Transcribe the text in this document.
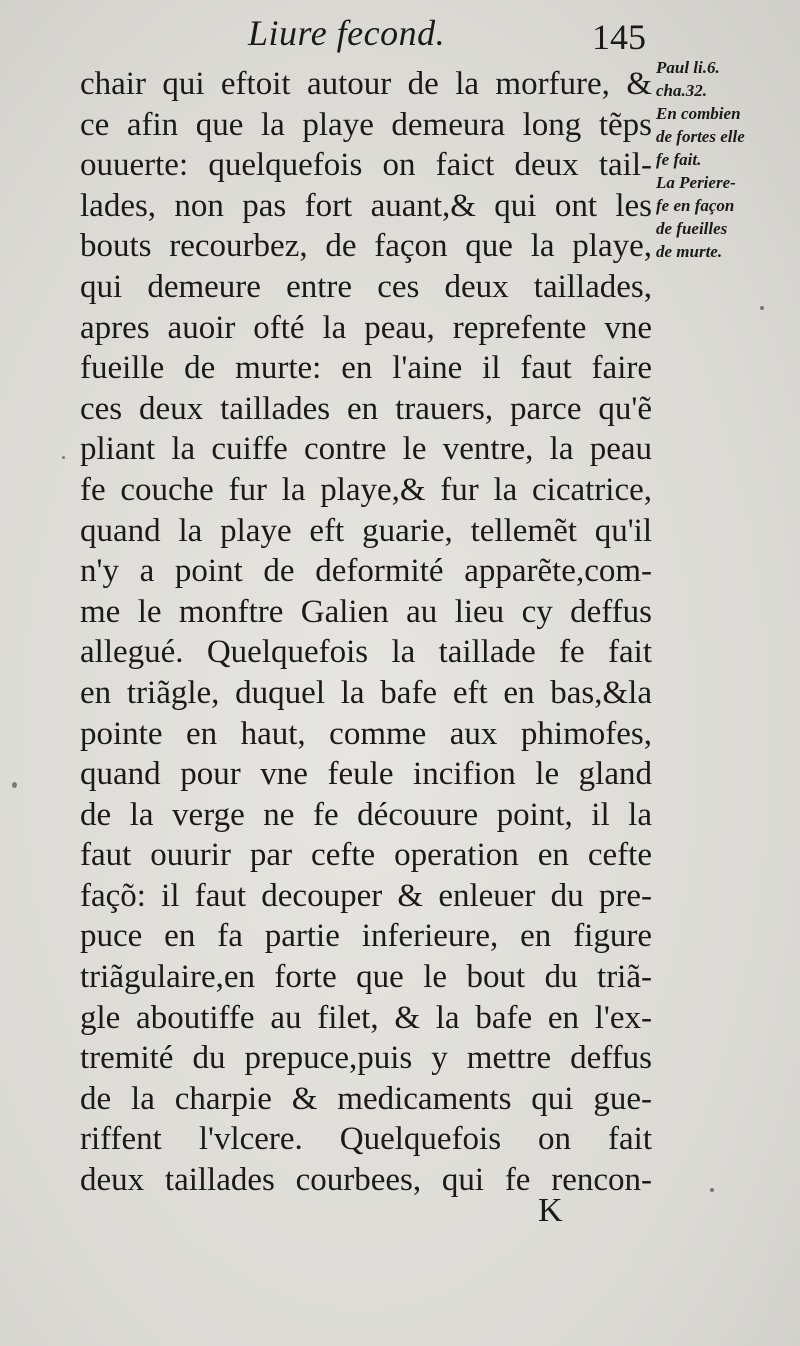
Liure fecond.	145
chair qui eftoit autour de la morfure, &
ce afin que la playe demeura long tẽps
ouuerte: quelquefois on faict deux tail-
lades, non pas fort auant,& qui ont les
bouts recourbez, de façon que la playe,
qui demeure entre ces deux taillades,
apres auoir ofté la peau, reprefente vne
fueille de murte: en l'aine il faut faire
ces deux taillades en trauers, parce qu'ẽ
pliant la cuiffe contre le ventre, la peau
fe couche fur la playe,& fur la cicatrice,
quand la playe eft guarie, tellemẽt qu'il
n'y a point de deformité apparẽte,com-
me le monftre Galien au lieu cy deffus
allegué. Quelquefois la taillade fe fait
en triãgle, duquel la bafe eft en bas,&la
pointe en haut, comme aux phimofes,
quand pour vne feule incifion le gland
de la verge ne fe découure point, il la
faut ouurir par cefte operation en cefte
façõ: il faut decouper & enleuer du pre-
puce en fa partie inferieure, en figure
triãgulaire,en forte que le bout du triã-
gle aboutiffe au filet, & la bafe en l'ex-
tremité du prepuce,puis y mettre deffus
de la charpie & medicaments qui gue-
riffent l'vlcere. Quelquefois on fait
deux taillades courbees, qui fe rencon-
Paul li.6.
cha.32.
En combien
de fortes elle
fe fait.
La Periere-
fe en façon
de fueilles
de murte.
K
